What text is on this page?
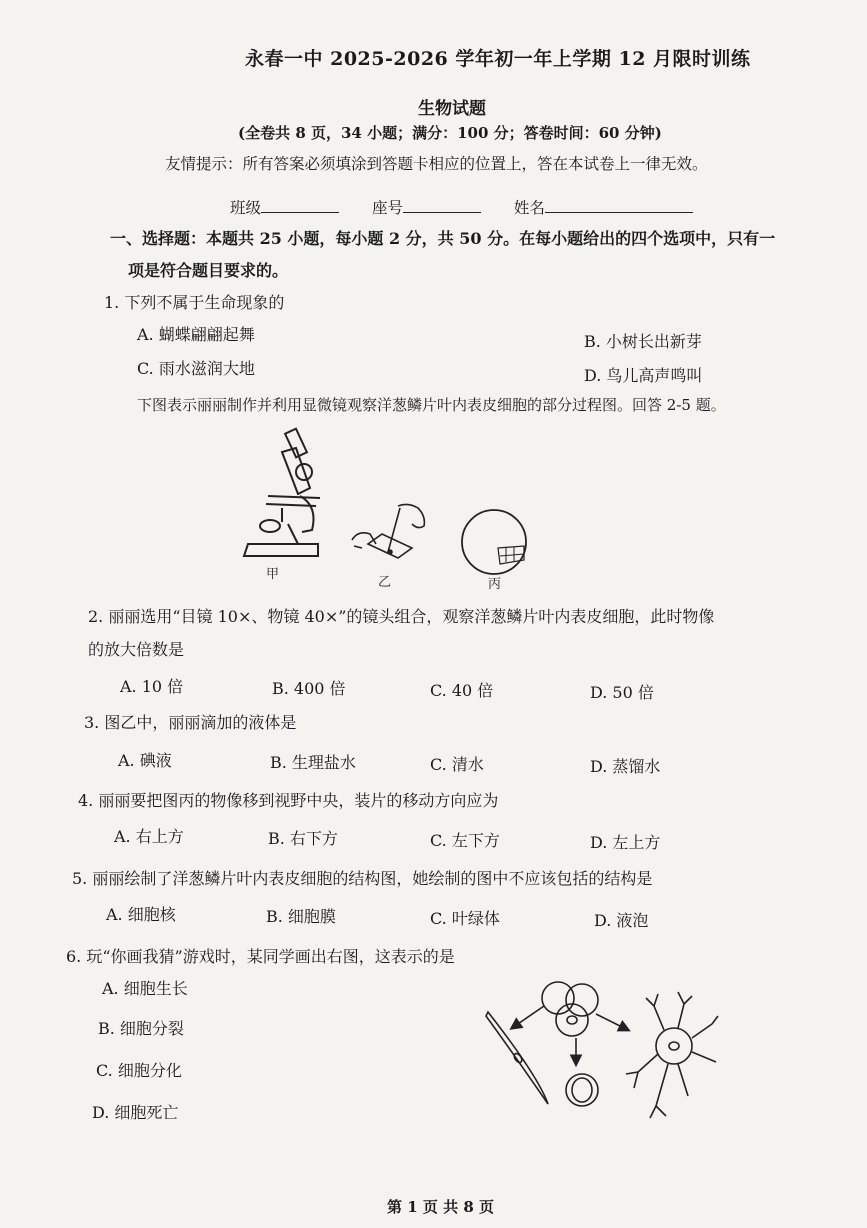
永春一中 2025-2026 学年初一年上学期 12 月限时训练
生物试题
(全卷共 8 页，34 小题；满分：100 分；答卷时间：60 分钟)
友情提示：所有答案必须填涂到答题卡相应的位置上，答在本试卷上一律无效。
班级	座号	姓名
一、选择题：本题共 25 小题，每小题 2 分，共 50 分。在每小题给出的四个选项中，只有一
项是符合题目要求的。
1. 下列不属于生命现象的
A. 蝴蝶翩翩起舞	B. 小树长出新芽
C. 雨水滋润大地	D. 鸟儿高声鸣叫
下图表示丽丽制作并利用显微镜观察洋葱鳞片叶内表皮细胞的部分过程图。回答 2-5 题。
甲
乙	丙
2. 丽丽选用“目镜 10×、物镜 40×”的镜头组合，观察洋葱鳞片叶内表皮细胞，此时物像
的放大倍数是
A. 10 倍	B. 400 倍	C. 40 倍	D. 50 倍
3. 图乙中，丽丽滴加的液体是
A. 碘液	B. 生理盐水	C. 清水	D. 蒸馏水
4. 丽丽要把图丙的物像移到视野中央，装片的移动方向应为
A. 右上方	B. 右下方	C. 左下方	D. 左上方
5. 丽丽绘制了洋葱鳞片叶内表皮细胞的结构图，她绘制的图中不应该包括的结构是
A. 细胞核	B. 细胞膜	C. 叶绿体	D. 液泡
6. 玩“你画我猜”游戏时，某同学画出右图，这表示的是
A. 细胞生长
B. 细胞分裂
C. 细胞分化
D. 细胞死亡
第 1 页 共 8 页
